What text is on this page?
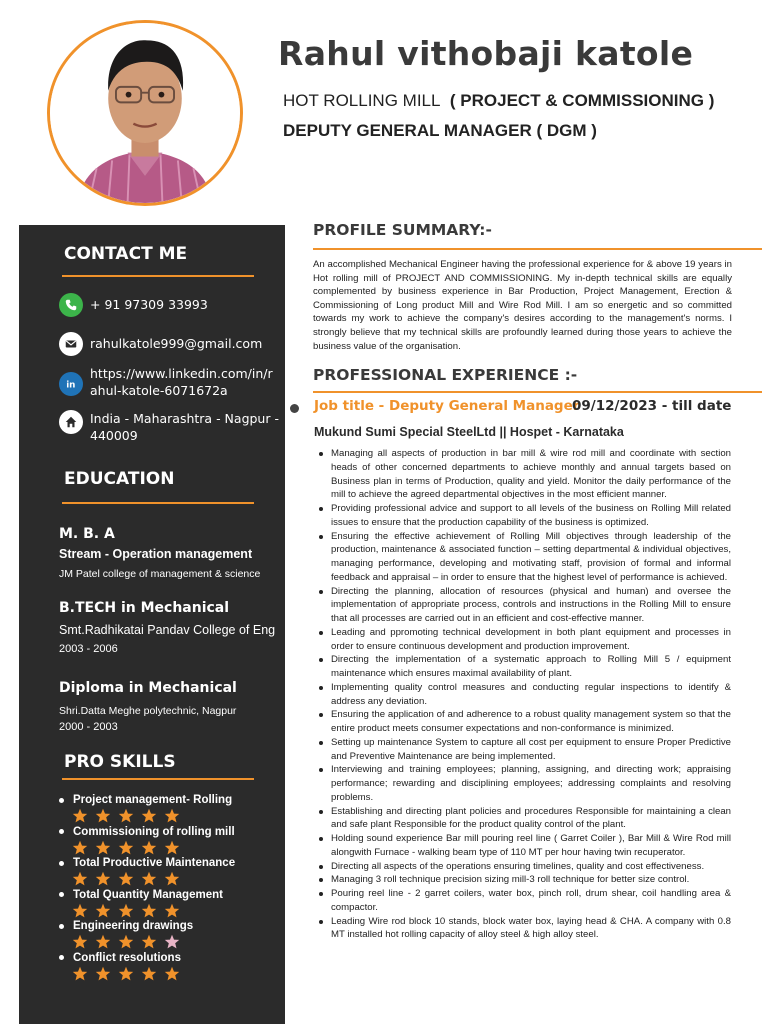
Rahul vithobaji katole
HOT ROLLING MILL ( PROJECT & COMMISSIONING )
DEPUTY GENERAL MANAGER ( DGM )
CONTACT ME
+ 91 97309 33993
rahulkatole999@gmail.com
in
https://www.linkedin.com/in/rahul-katole-6071672a
India - Maharashtra - Nagpur - 440009
EDUCATION
M. B. A
Stream - Operation management
JM Patel college of management & science
B.TECH in Mechanical
Smt.Radhikatai Pandav College of Eng
2003 - 2006
Diploma in Mechanical
Shri.Datta Meghe polytechnic, Nagpur
2000 - 2003
PRO SKILLS
Project management- Rolling
Commissioning of rolling mill
Total Productive Maintenance
Total Quantity Management
Engineering drawings
Conflict resolutions
PROFILE SUMMARY:-

An accomplished Mechanical Engineer having the professional experience for & above 19 years in Hot rolling mill of PROJECT AND COMMISSIONING. My in-depth technical skills are equally complemented by business experience in Bar Production, Project Management, Erection & Commissioning of Long product Mill and Wire Rod Mill. I am so energetic and so committed towards my work to achieve the company's desires according to the management's norms. I strongly believe that my technical skills are profoundly learned during those years to achieve the business value of the organisation.

PROFESSIONAL EXPERIENCE :-
Job title - Deputy General Manager
09/12/2023 - till date
Mukund Sumi Special SteelLtd || Hospet - Karnataka
Managing all aspects of production in bar mill & wire rod mill and coordinate with section heads of other concerned departments to achieve monthly and annual targets based on Business plan in terms of Production, quality and yield. Monitor the daily performance of the mill to achieve the agreed departmental objectives in the most efficient manner.
Providing professional advice and support to all levels of the business on Rolling Mill related issues to ensure that the production capability of the business is optimized.
Ensuring the effective achievement of Rolling Mill objectives through leadership of the production, maintenance & associated function – setting departmental & individual objectives, managing performance, developing and motivating staff, provision of formal and informal feedback and appraisal – in order to ensure that the highest level of performance is achieved.
Directing the planning, allocation of resources (physical and human) and oversee the implementation of appropriate process, controls and instructions in the Rolling Mill to ensure that all processes are carried out in an efficient and cost-effective manner.
Leading and ppromoting technical development in both plant equipment and processes in order to ensure continuous development and production improvement.
Directing the implementation of a systematic approach to Rolling Mill 5 / equipment maintenance which ensures maximal availability of plant.
Implementing quality control measures and conducting regular inspections to identify & address any deviation.
Ensuring the application of and adherence to a robust quality management system so that the entire product meets consumer expectations and non-conformance is minimized.
Setting up maintenance System to capture all cost per equipment to ensure Proper Predictive and Preventive Maintenance are being implemented.
Interviewing and training employees; planning, assigning, and directing work; appraising performance; rewarding and disciplining employees; addressing complaints and resolving problems.
Establishing and directing plant policies and procedures Responsible for maintaining a clean and safe plant Responsible for the product quality control of the plant.
Holding sound experience Bar mill pouring reel line ( Garret Coiler ), Bar Mill & Wire Rod mill alongwith Furnace - walking beam type of 110 MT per hour having twin recuperator.
Directing all aspects of the operations ensuring timelines, quality and cost effectiveness.
Managing 3 roll technique precision sizing mill-3 roll technique for better size control.
Pouring reel line - 2 garret coilers, water box, pinch roll, drum shear, coil handling area & compactor.
Leading Wire rod block 10 stands, block water box, laying head & CHA. A company with 0.8 MT installed hot rolling capacity of alloy steel & high alloy steel.
